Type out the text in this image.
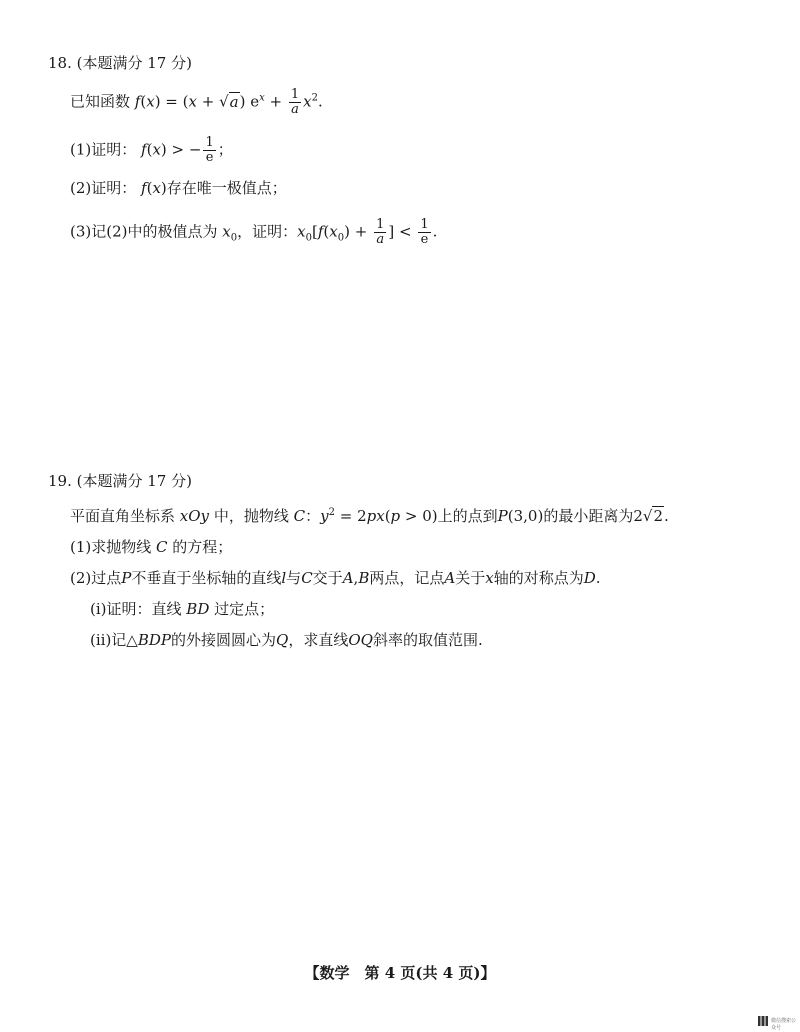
18. (本题满分 17 分)
已知函数 f(x) = (x + √a) $e^x + \frac{1}{a} x^2$.
(1)证明： f(x) > − $\frac{1}{e}$ ；
(2)证明： f(x)存在唯一极值点；
(3)记(2)中的极值点为 $x_0$，证明：$x_0[f(x_0) + \frac{1}{a}$ ] < $\frac{1}{e}$ .
19. (本题满分 17 分)
平面直角坐标系 xOy 中，抛物线 C：$y^2 = 2px(p > 0)$上的点到P(3,0)的最小距离为2√2.
(1)求抛物线 C 的方程；
(2)过点P不垂直于坐标轴的直线l与C交于A,B两点，记点A关于x轴的对称点为D.
(ⅰ)证明：直线 BD 过定点；
(ⅱ)记△BDP的外接圆圆心为Q，求直线OQ斜率的取值范围.
【数学　第 4 页(共 4 页)】
微信搜索公众号
